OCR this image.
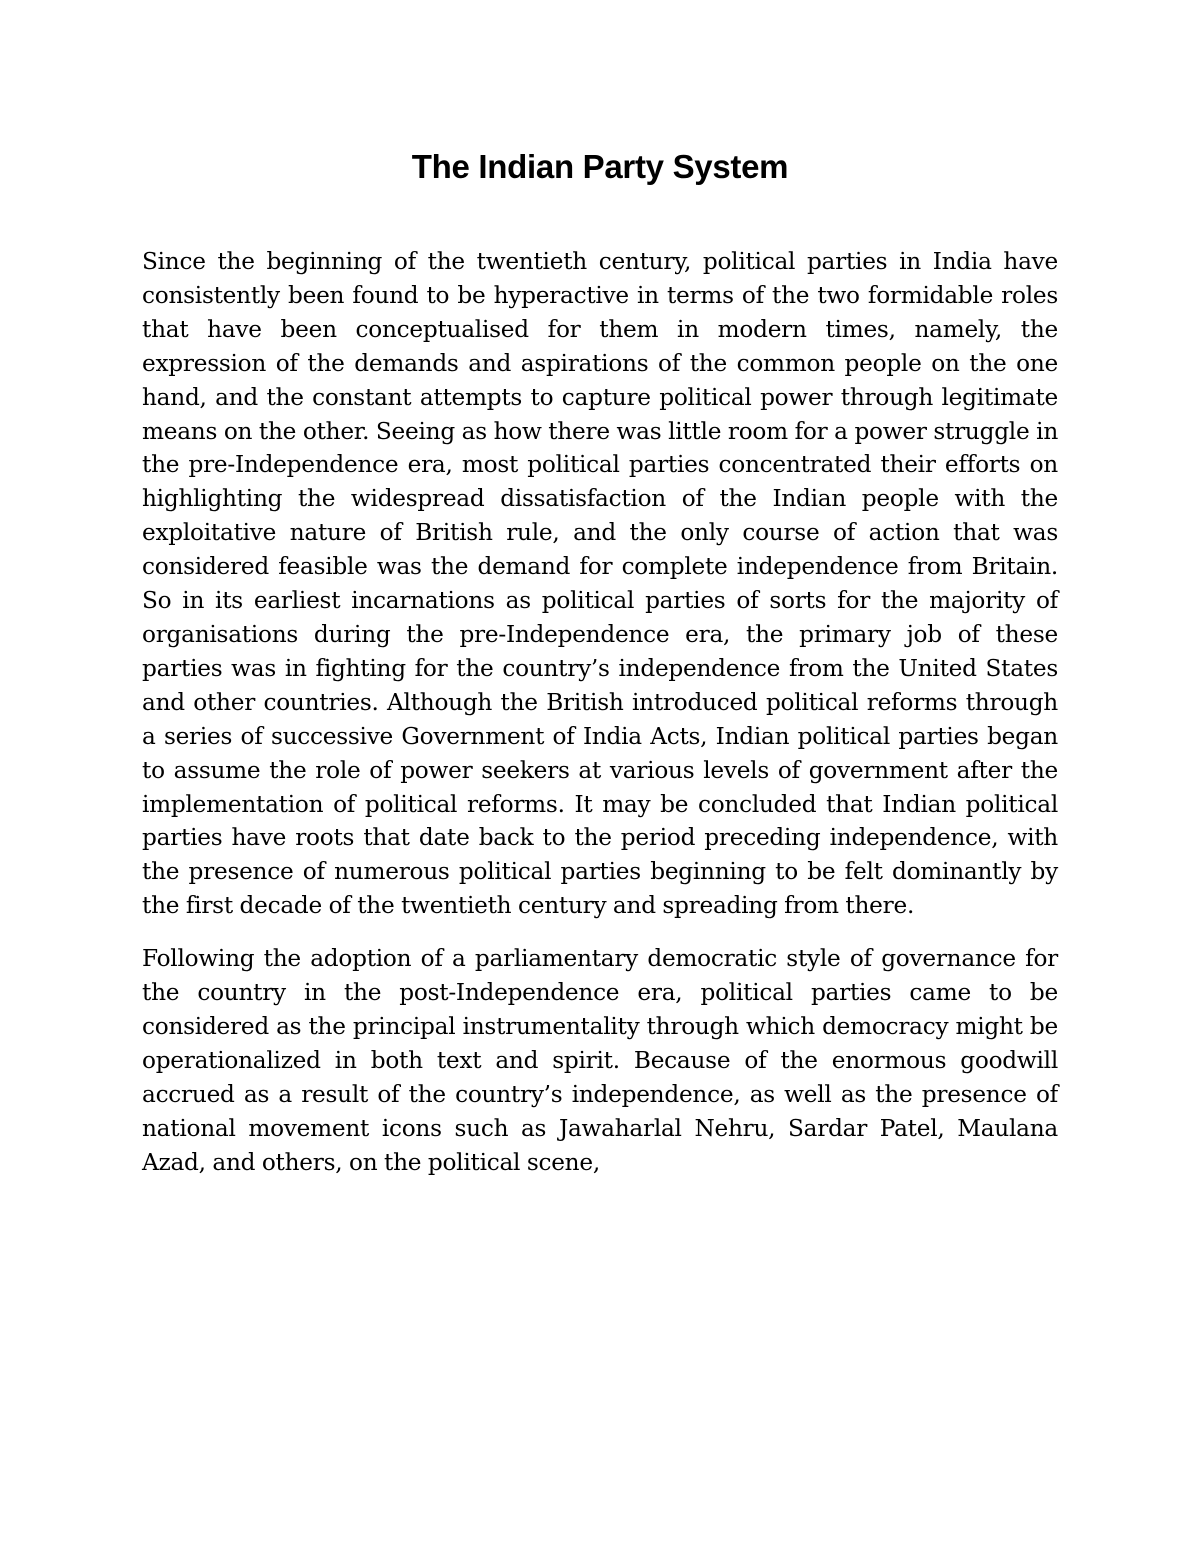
The Indian Party System

Since the beginning of the twentieth century, political parties in India have consistently been found to be hyperactive in terms of the two formidable roles that have been conceptualised for them in modern times, namely, the expression of the demands and aspirations of the common people on the one hand, and the constant attempts to capture political power through legitimate means on the other. Seeing as how there was little room for a power struggle in the pre-Independence era, most political parties concentrated their efforts on highlighting the widespread dissatisfaction of the Indian people with the exploitative nature of British rule, and the only course of action that was considered feasible was the demand for complete independence from Britain. So in its earliest incarnations as political parties of sorts for the majority of organisations during the pre-Independence era, the primary job of these parties was in fighting for the country’s independence from the United States and other countries. Although the British introduced political reforms through a series of successive Government of India Acts, Indian political parties began to assume the role of power seekers at various levels of government after the implementation of political reforms. It may be concluded that Indian political parties have roots that date back to the period preceding independence, with the presence of numerous political parties beginning to be felt dominantly by the first decade of the twentieth century and spreading from there.

Following the adoption of a parliamentary democratic style of governance for the country in the post-Independence era, political parties came to be considered as the principal instrumentality through which democracy might be operationalized in both text and spirit. Because of the enormous goodwill accrued as a result of the country’s independence, as well as the presence of national movement icons such as Jawaharlal Nehru, Sardar Patel, Maulana Azad, and others, on the political scene,
